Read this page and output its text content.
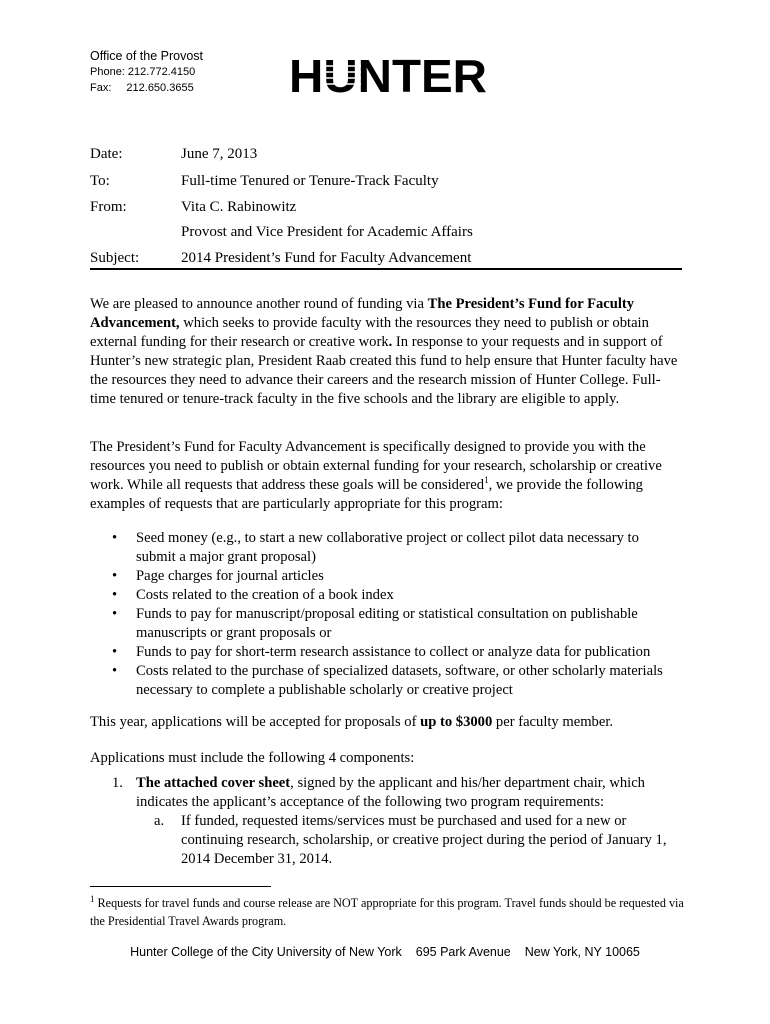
Office of the Provost
Phone: 212.772.4150
Fax: 212.650.3655 HUNTER
Date:	June 7, 2013
To:	Full-time Tenured or Tenure-Track Faculty
From:	Vita C. Rabinowitz
Provost and Vice President for Academic Affairs
Subject:	2014 President’s Fund for Faculty Advancement

We are pleased to announce another round of funding via The President’s Fund for Faculty Advancement, which seeks to provide faculty with the resources they need to publish or obtain external funding for their research or creative work. In response to your requests and in support of Hunter’s new strategic plan, President Raab created this fund to help ensure that Hunter faculty have the resources they need to advance their careers and the research mission of Hunter College. Full-time tenured or tenure-track faculty in the five schools and the library are eligible to apply.

The President’s Fund for Faculty Advancement is specifically designed to provide you with the resources you need to publish or obtain external funding for your research, scholarship or creative work. While all requests that address these goals will be considered$^1$, we provide the following examples of requests that are particularly appropriate for this program:

• Seed money (e.g., to start a new collaborative project or collect pilot data necessary to submit a major grant proposal)
• Page charges for journal articles
• Costs related to the creation of a book index
• Funds to pay for manuscript/proposal editing or statistical consultation on publishable manuscripts or grant proposals or
• Funds to pay for short-term research assistance to collect or analyze data for publication
• Costs related to the purchase of specialized datasets, software, or other scholarly materials necessary to complete a publishable scholarly or creative project

This year, applications will be accepted for proposals of up to $3000 per faculty member.

Applications must include the following 4 components:

1. The attached cover sheet, signed by the applicant and his/her department chair, which indicates the applicant’s acceptance of the following two program requirements:
a. If funded, requested items/services must be purchased and used for a new or continuing research, scholarship, or creative project during the period of January 1, 2014 December 31, 2014.
$^1$ Requests for travel funds and course release are NOT appropriate for this program. Travel funds should be requested via the Presidential Travel Awards program.
Hunter College of the City University of New York 695 Park Avenue New York, NY 10065
